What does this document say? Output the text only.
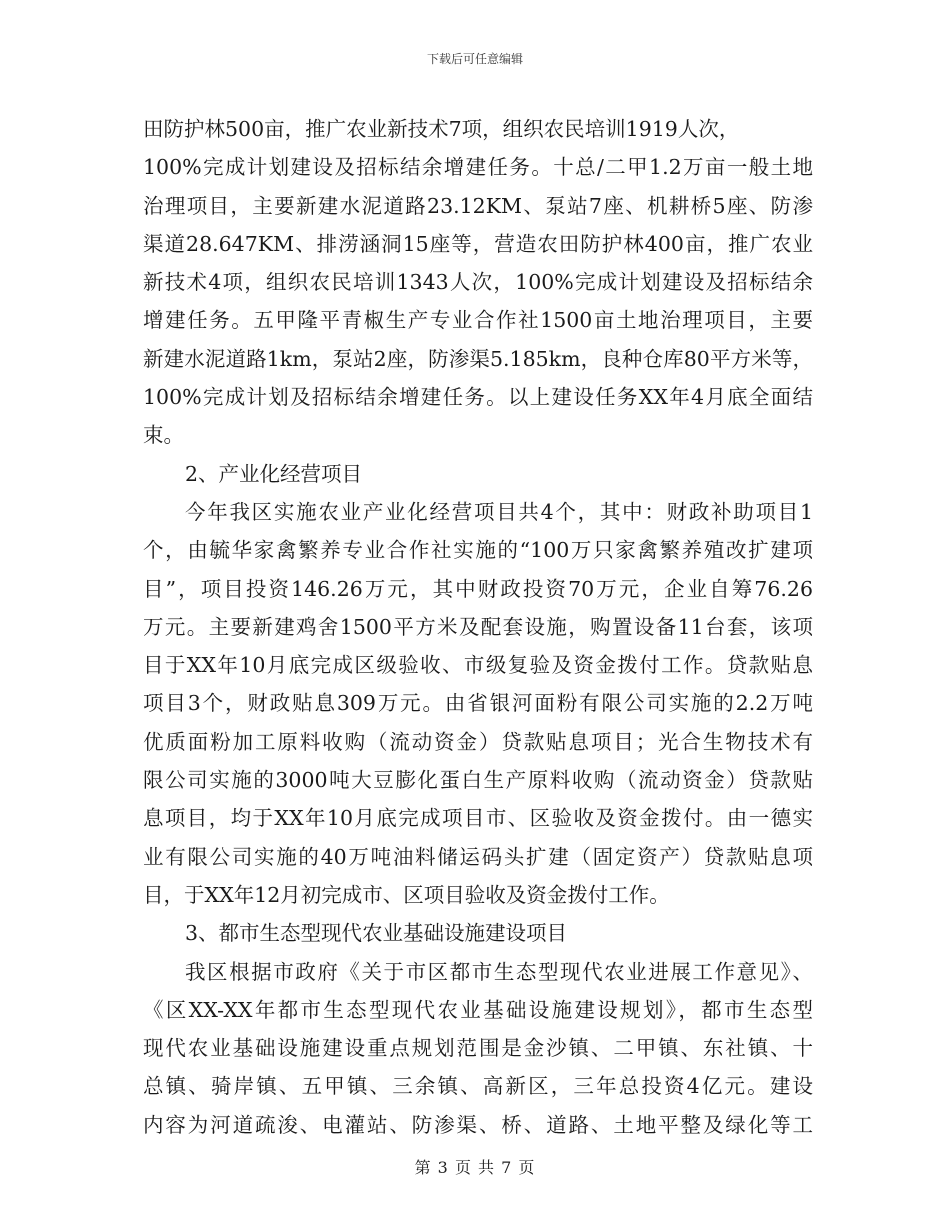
下载后可任意编辑
田防护林500亩，推广农业新技术7项，组织农民培训1919人次，
100%完成计划建设及招标结余增建任务。十总/二甲1.2万亩一般土地
治理项目，主要新建水泥道路23.12KM、泵站7座、机耕桥5座、防渗
渠道28.647KM、排涝涵洞15座等，营造农田防护林400亩，推广农业
新技术4项，组织农民培训1343人次，100%完成计划建设及招标结余
增建任务。五甲隆平青椒生产专业合作社1500亩土地治理项目，主要
新建水泥道路1km，泵站2座，防渗渠5.185km，良种仓库80平方米等，
100%完成计划及招标结余增建任务。以上建设任务XX年4月底全面结
束。
2、产业化经营项目
今年我区实施农业产业化经营项目共4个，其中：财政补助项目1
个，由毓华家禽繁养专业合作社实施的“100万只家禽繁养殖改扩建项
目”，项目投资146.26万元，其中财政投资70万元，企业自筹76.26
万元。主要新建鸡舍1500平方米及配套设施，购置设备11台套，该项
目于XX年10月底完成区级验收、市级复验及资金拨付工作。贷款贴息
项目3个，财政贴息309万元。由省银河面粉有限公司实施的2.2万吨
优质面粉加工原料收购（流动资金）贷款贴息项目；光合生物技术有
限公司实施的3000吨大豆膨化蛋白生产原料收购（流动资金）贷款贴
息项目，均于XX年10月底完成项目市、区验收及资金拨付。由一德实
业有限公司实施的40万吨油料储运码头扩建（固定资产）贷款贴息项
目，于XX年12月初完成市、区项目验收及资金拨付工作。
3、都市生态型现代农业基础设施建设项目
我区根据市政府《关于市区都市生态型现代农业进展工作意见》、
《区XX-XX年都市生态型现代农业基础设施建设规划》，都市生态型
现代农业基础设施建设重点规划范围是金沙镇、二甲镇、东社镇、十
总镇、骑岸镇、五甲镇、三余镇、高新区，三年总投资4亿元。建设
内容为河道疏浚、电灌站、防渗渠、桥、道路、土地平整及绿化等工
第 3 页 共 7 页
